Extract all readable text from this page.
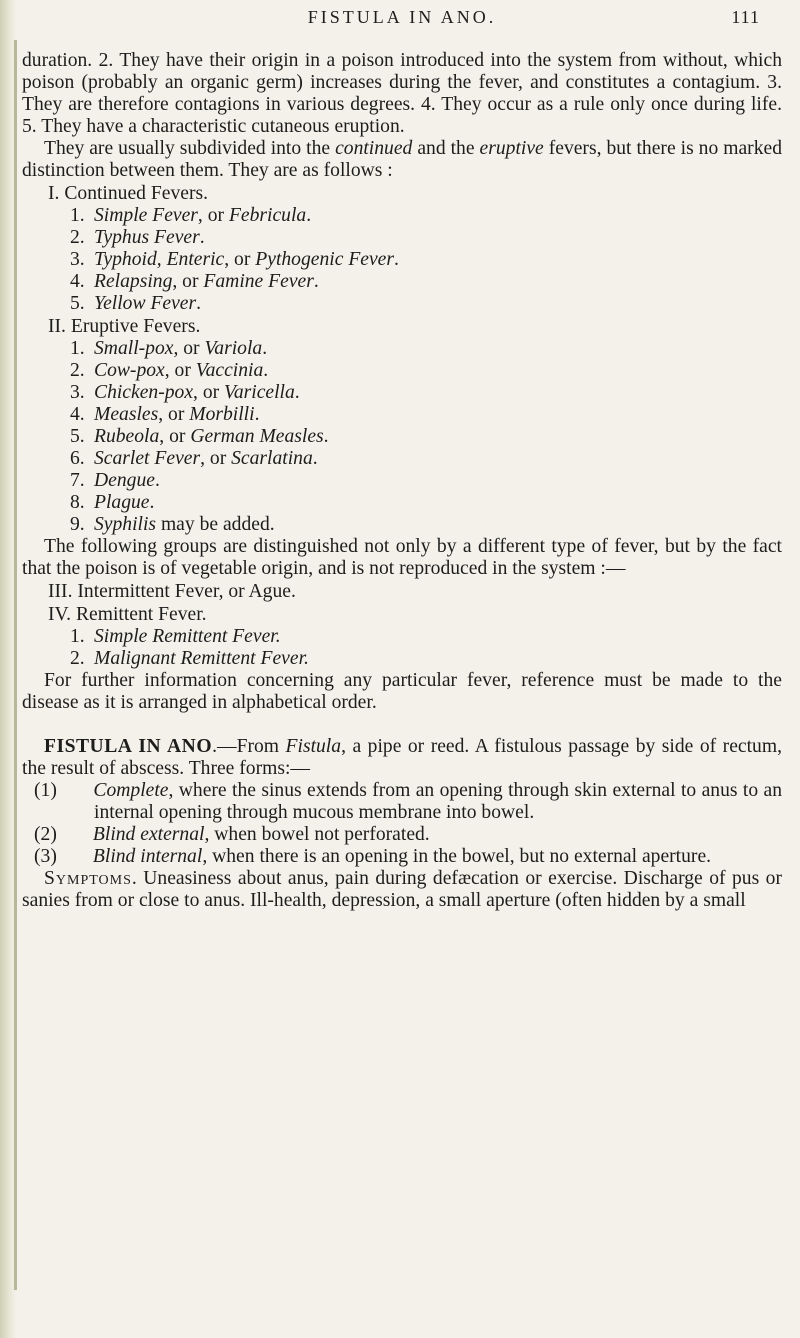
FISTULA IN ANO.	111

duration. 2. They have their origin in a poison introduced into the system from without, which poison (probably an organic germ) increases during the fever, and constitutes a contagium. 3. They are therefore contagions in various degrees. 4. They occur as a rule only once during life. 5. They have a characteristic cutaneous eruption.

They are usually subdivided into the continued and the eruptive fevers, but there is no marked distinction between them. They are as follows :

I. Continued Fevers.

1. Simple Fever, or Febricula.

2. Typhus Fever.

3. Typhoid, Enteric, or Pythogenic Fever.

4. Relapsing, or Famine Fever.

5. Yellow Fever.

II. Eruptive Fevers.

1. Small-pox, or Variola.

2. Cow-pox, or Vaccinia.

3. Chicken-pox, or Varicella.

4. Measles, or Morbilli.

5. Rubeola, or German Measles.

6. Scarlet Fever, or Scarlatina.

7. Dengue.

8. Plague.

9. Syphilis may be added.

The following groups are distinguished not only by a different type of fever, but by the fact that the poison is of vegetable origin, and is not reproduced in the system :—

III. Intermittent Fever, or Ague.

IV. Remittent Fever.

1. Simple Remittent Fever.

2. Malignant Remittent Fever.

For further information concerning any particular fever, reference must be made to the disease as it is arranged in alphabetical order.

FISTULA IN ANO.—From Fistula, a pipe or reed. A fistulous passage by side of rectum, the result of abscess. Three forms:—

(1) Complete, where the sinus extends from an opening through skin external to anus to an internal opening through mucous membrane into bowel.

(2) Blind external, when bowel not perforated.

(3) Blind internal, when there is an opening in the bowel, but no external aperture.

Symptoms. Uneasiness about anus, pain during defæcation or exercise. Discharge of pus or sanies from or close to anus. Ill-health, depression, a small aperture (often hidden by a small
